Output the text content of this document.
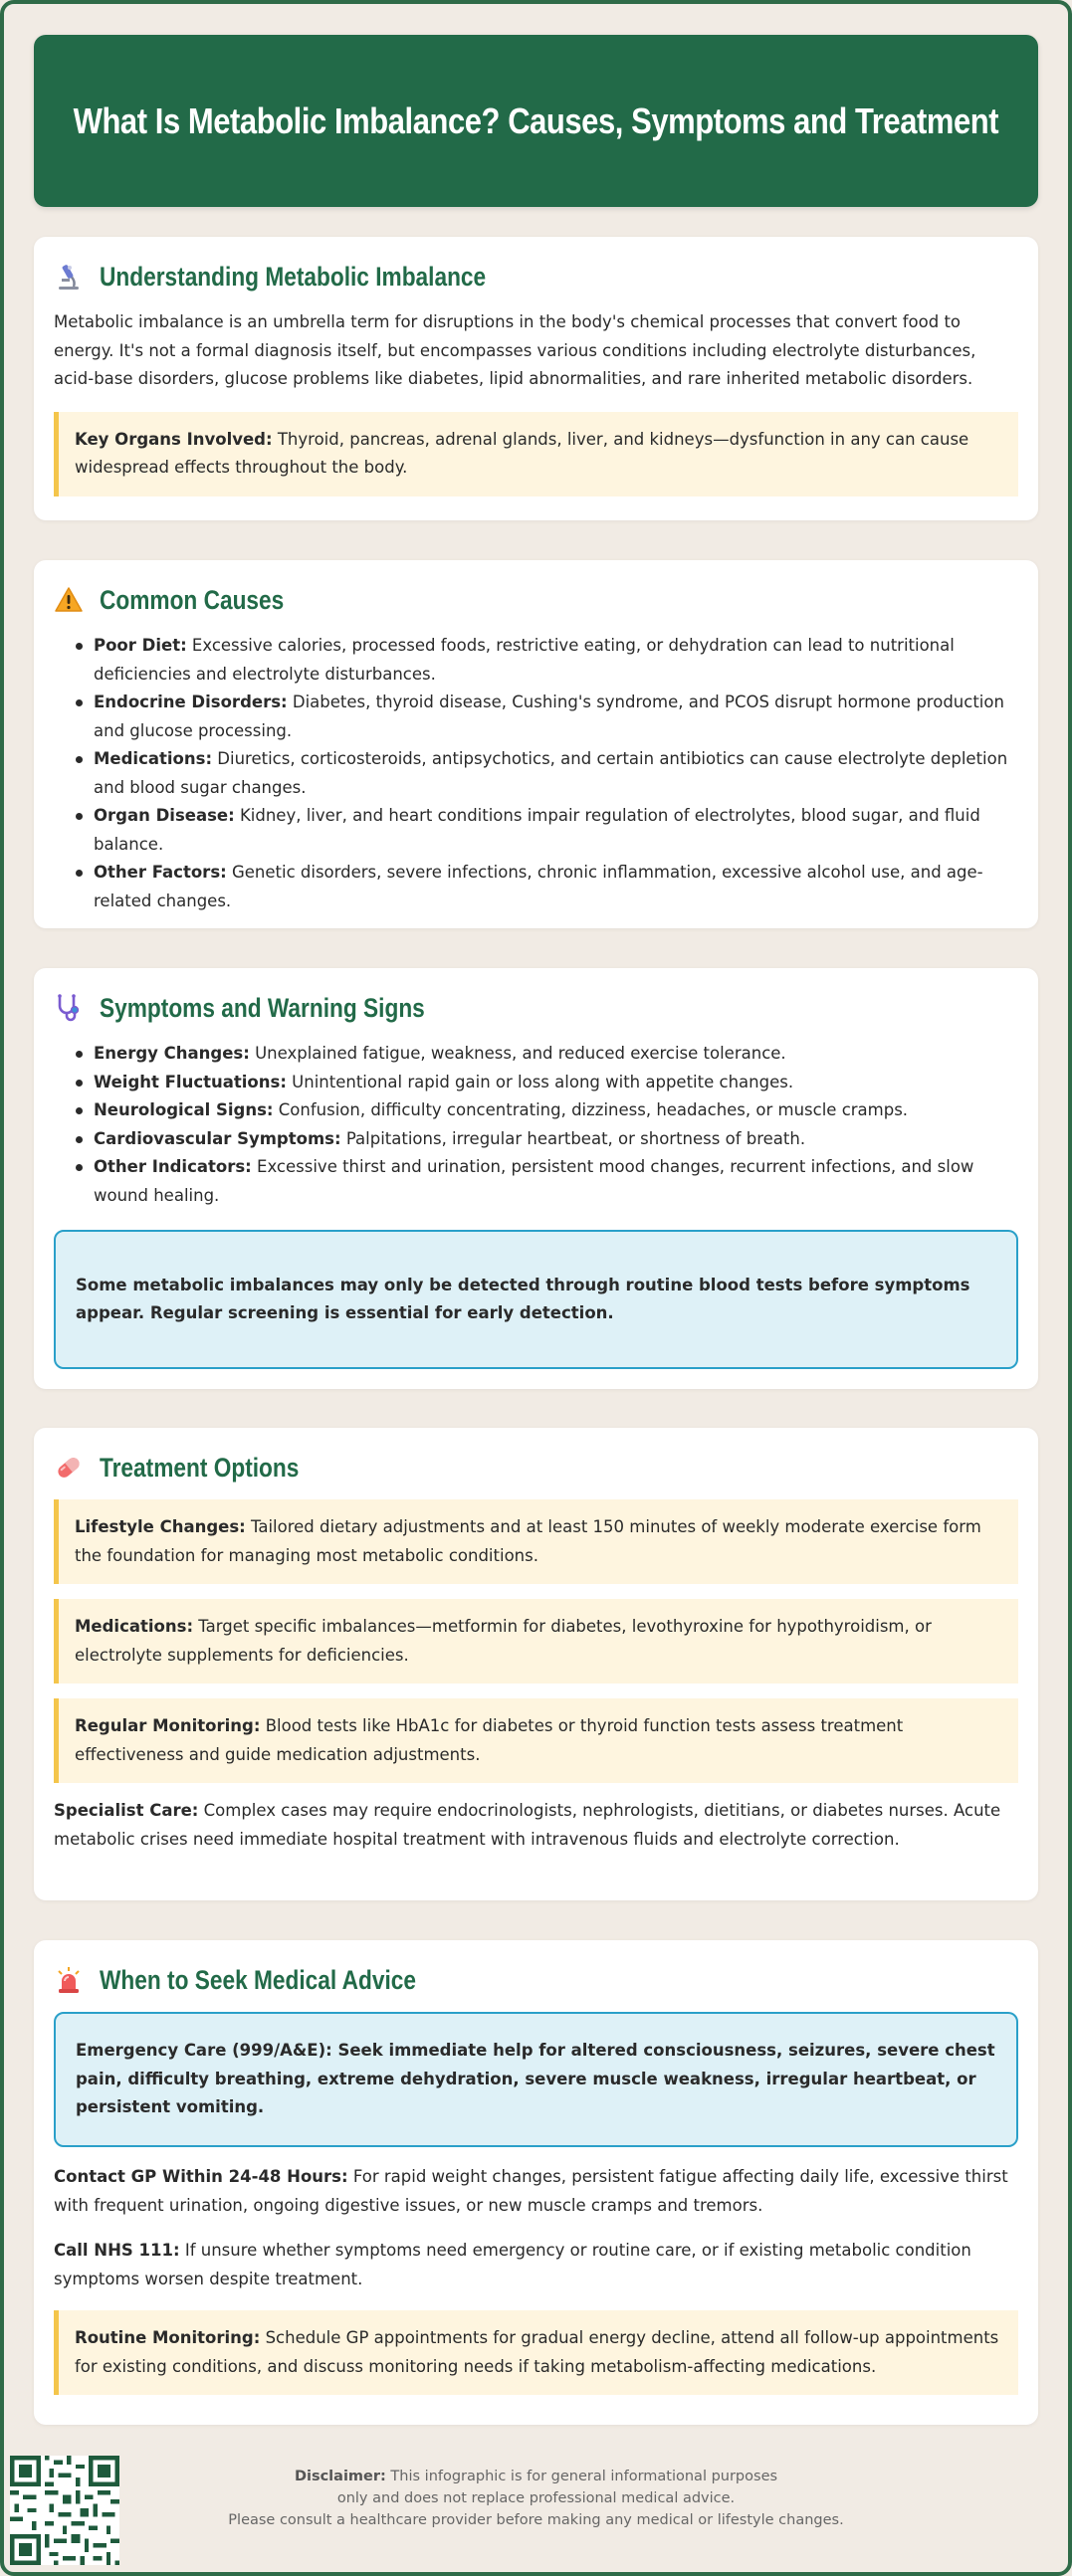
What Is Metabolic Imbalance? Causes, Symptoms and Treatment
Understanding Metabolic Imbalance

Metabolic imbalance is an umbrella term for disruptions in the body's chemical processes that convert food to energy. It's not a formal diagnosis itself, but encompasses various conditions including electrolyte disturbances, acid-base disorders, glucose problems like diabetes, lipid abnormalities, and rare inherited metabolic disorders.

Key Organs Involved: Thyroid, pancreas, adrenal glands, liver, and kidneys—dysfunction in any can cause widespread effects throughout the body.
Common Causes
Poor Diet: Excessive calories, processed foods, restrictive eating, or dehydration can lead to nutritional deficiencies and electrolyte disturbances.
Endocrine Disorders: Diabetes, thyroid disease, Cushing's syndrome, and PCOS disrupt hormone production and glucose processing.
Medications: Diuretics, corticosteroids, antipsychotics, and certain antibiotics can cause electrolyte depletion and blood sugar changes.
Organ Disease: Kidney, liver, and heart conditions impair regulation of electrolytes, blood sugar, and fluid balance.
Other Factors: Genetic disorders, severe infections, chronic inflammation, excessive alcohol use, and age-related changes.
Symptoms and Warning Signs
Energy Changes: Unexplained fatigue, weakness, and reduced exercise tolerance.
Weight Fluctuations: Unintentional rapid gain or loss along with appetite changes.
Neurological Signs: Confusion, difficulty concentrating, dizziness, headaches, or muscle cramps.
Cardiovascular Symptoms: Palpitations, irregular heartbeat, or shortness of breath.
Other Indicators: Excessive thirst and urination, persistent mood changes, recurrent infections, and slow wound healing.
Some metabolic imbalances may only be detected through routine blood tests before symptoms appear. Regular screening is essential for early detection.
Treatment Options
Lifestyle Changes: Tailored dietary adjustments and at least 150 minutes of weekly moderate exercise form the foundation for managing most metabolic conditions.
Medications: Target specific imbalances—metformin for diabetes, levothyroxine for hypothyroidism, or electrolyte supplements for deficiencies.
Regular Monitoring: Blood tests like HbA1c for diabetes or thyroid function tests assess treatment effectiveness and guide medication adjustments.

Specialist Care: Complex cases may require endocrinologists, nephrologists, dietitians, or diabetes nurses. Acute metabolic crises need immediate hospital treatment with intravenous fluids and electrolyte correction.

When to Seek Medical Advice
Emergency Care (999/A&E): Seek immediate help for altered consciousness, seizures, severe chest pain, difficulty breathing, extreme dehydration, severe muscle weakness, irregular heartbeat, or persistent vomiting.

Contact GP Within 24-48 Hours: For rapid weight changes, persistent fatigue affecting daily life, excessive thirst with frequent urination, ongoing digestive issues, or new muscle cramps and tremors.

Call NHS 111: If unsure whether symptoms need emergency or routine care, or if existing metabolic condition symptoms worsen despite treatment.

Routine Monitoring: Schedule GP appointments for gradual energy decline, attend all follow-up appointments for existing conditions, and discuss monitoring needs if taking metabolism-affecting medications.
Disclaimer: This infographic is for general informational purposes
only and does not replace professional medical advice.
Please consult a healthcare provider before making any medical or lifestyle changes.
